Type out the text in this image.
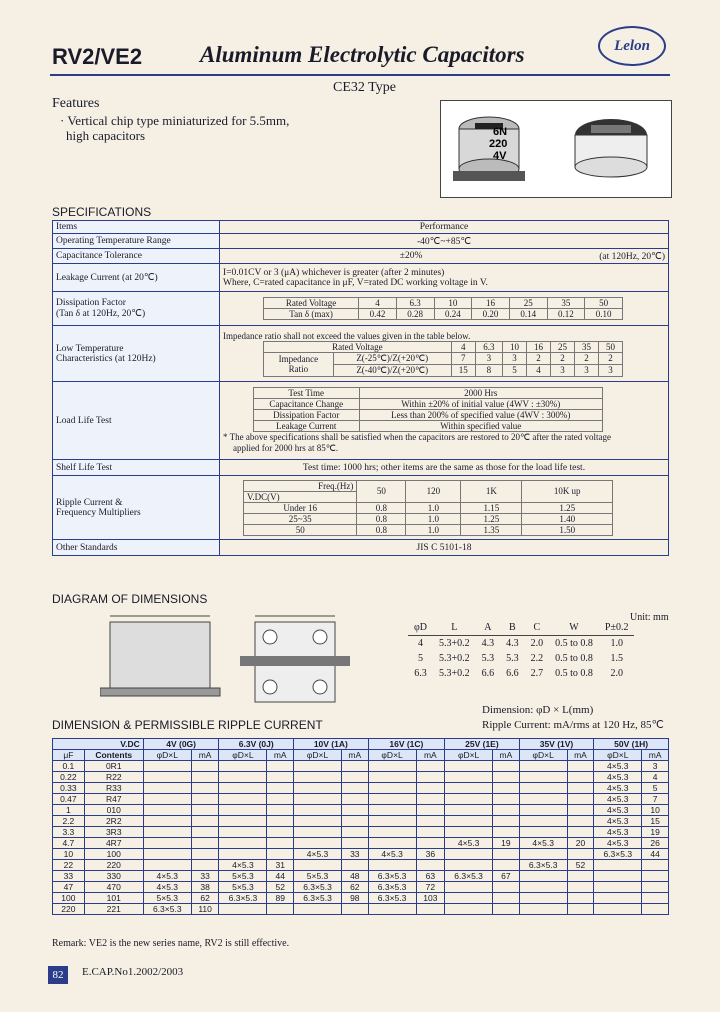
RV2/VE2	Aluminum Electrolytic Capacitors	Lelon
CE32 Type
Features
· Vertical chip type miniaturized for 5.5mm,
high capacitors	6N
220
4V
SPECIFICATIONS
Items	Performance
Operating Temperature Range	-40℃~+85℃
Capacitance Tolerance	±20%	(at 120Hz, 20℃)

Leakage Current (at 20℃)	
I=0.01CV or 3 (μA) whichever is greater (after 2 minutes)
Where, C=rated capacitance in μF, V=rated DC working voltage in V.

Dissipation Factor
(Tan δ at 120Hz, 20℃)

Rated Voltage	4	6.3	10	16	25	35	50
Tan δ (max)	0.42	0.28	0.24	0.20	0.14	0.12	0.10

Low Temperature
Characteristics (at 120Hz)

Impedance ratio shall not exceed the values given in the table below.
Rated Voltage	4	6.3	10	16	25	35	50

Impedance
Ratio
	Z(-25℃)/Z(+20℃)	7	3	3	2	2	2	2
Z(-40℃)/Z(+20℃)	15	8	5	4	3	3	3

Load Life Test	
Test Time	2000 Hrs
Capacitance Change	Within ±20% of initial value (4WV : ±30%)
Dissipation Factor	Less than 200% of specified value (4WV : 300%)
Leakage Current	Within specified value
* The above specifications shall be satisfied when the capacitors are restored to 20℃ after the rated voltage
applied for 2000 hrs at 85℃.

Shelf Life Test	Test time: 1000 hrs; other items are the same as those for the load life test.

Ripple Current &
Frequency Multipliers

Freq.(Hz)	50	120	1K	10K up
V.DC(V)
Under 16	0.8	1.0	1.15	1.25
25~35	0.8	1.0	1.25	1.40
50	0.8	1.0	1.35	1.50

Other Standards	JIS C 5101-18
DIAGRAM OF DIMENSIONS
Unit: mm
φD	L	A	B	C	W	P±0.2
4	5.3+0.2	4.3	4.3	2.0	0.5 to 0.8	1.0
5	5.3+0.2	5.3	5.3	2.2	0.5 to 0.8	1.5
6.3	5.3+0.2	6.6	6.6	2.7	0.5 to 0.8	2.0
Dimension: φD × L(mm)
Ripple Current: mA/rms at 120 Hz, 85℃
DIMENSION & PERMISSIBLE RIPPLE CURRENT
V.DC		4V (0G)		6.3V (0J)		10V (1A)		16V (1C)		25V (1E)		35V (1V)		50V (1H)	
μF	Contents	φD×L	mA	φD×L	mA	φD×L	mA	φD×L	mA	φD×L	mA	φD×L	mA	φD×L	mA
0.1	0R1													4×5.3	3
0.22	R22													4×5.3	4
0.33	R33													4×5.3	5
0.47	R47													4×5.3	7
1	010													4×5.3	10
2.2	2R2													4×5.3	15
3.3	3R3													4×5.3	19
4.7	4R7									4×5.3	19	4×5.3	20	4×5.3	26
10	100					4×5.3	33	4×5.3	36					6.3×5.3	44
22	220			4×5.3	31							6.3×5.3	52		
33	330	4×5.3	33	5×5.3	44	5×5.3	48	6.3×5.3	63	6.3×5.3	67				
47	470	4×5.3	38	5×5.3	52	6.3×5.3	62	6.3×5.3	72						
100	101	5×5.3	62	6.3×5.3	89	6.3×5.3	98	6.3×5.3	103						
220	221	6.3×5.3	110												
Remark: VE2 is the new series name, RV2 is still effective.
82	E.CAP.No1.2002/2003
